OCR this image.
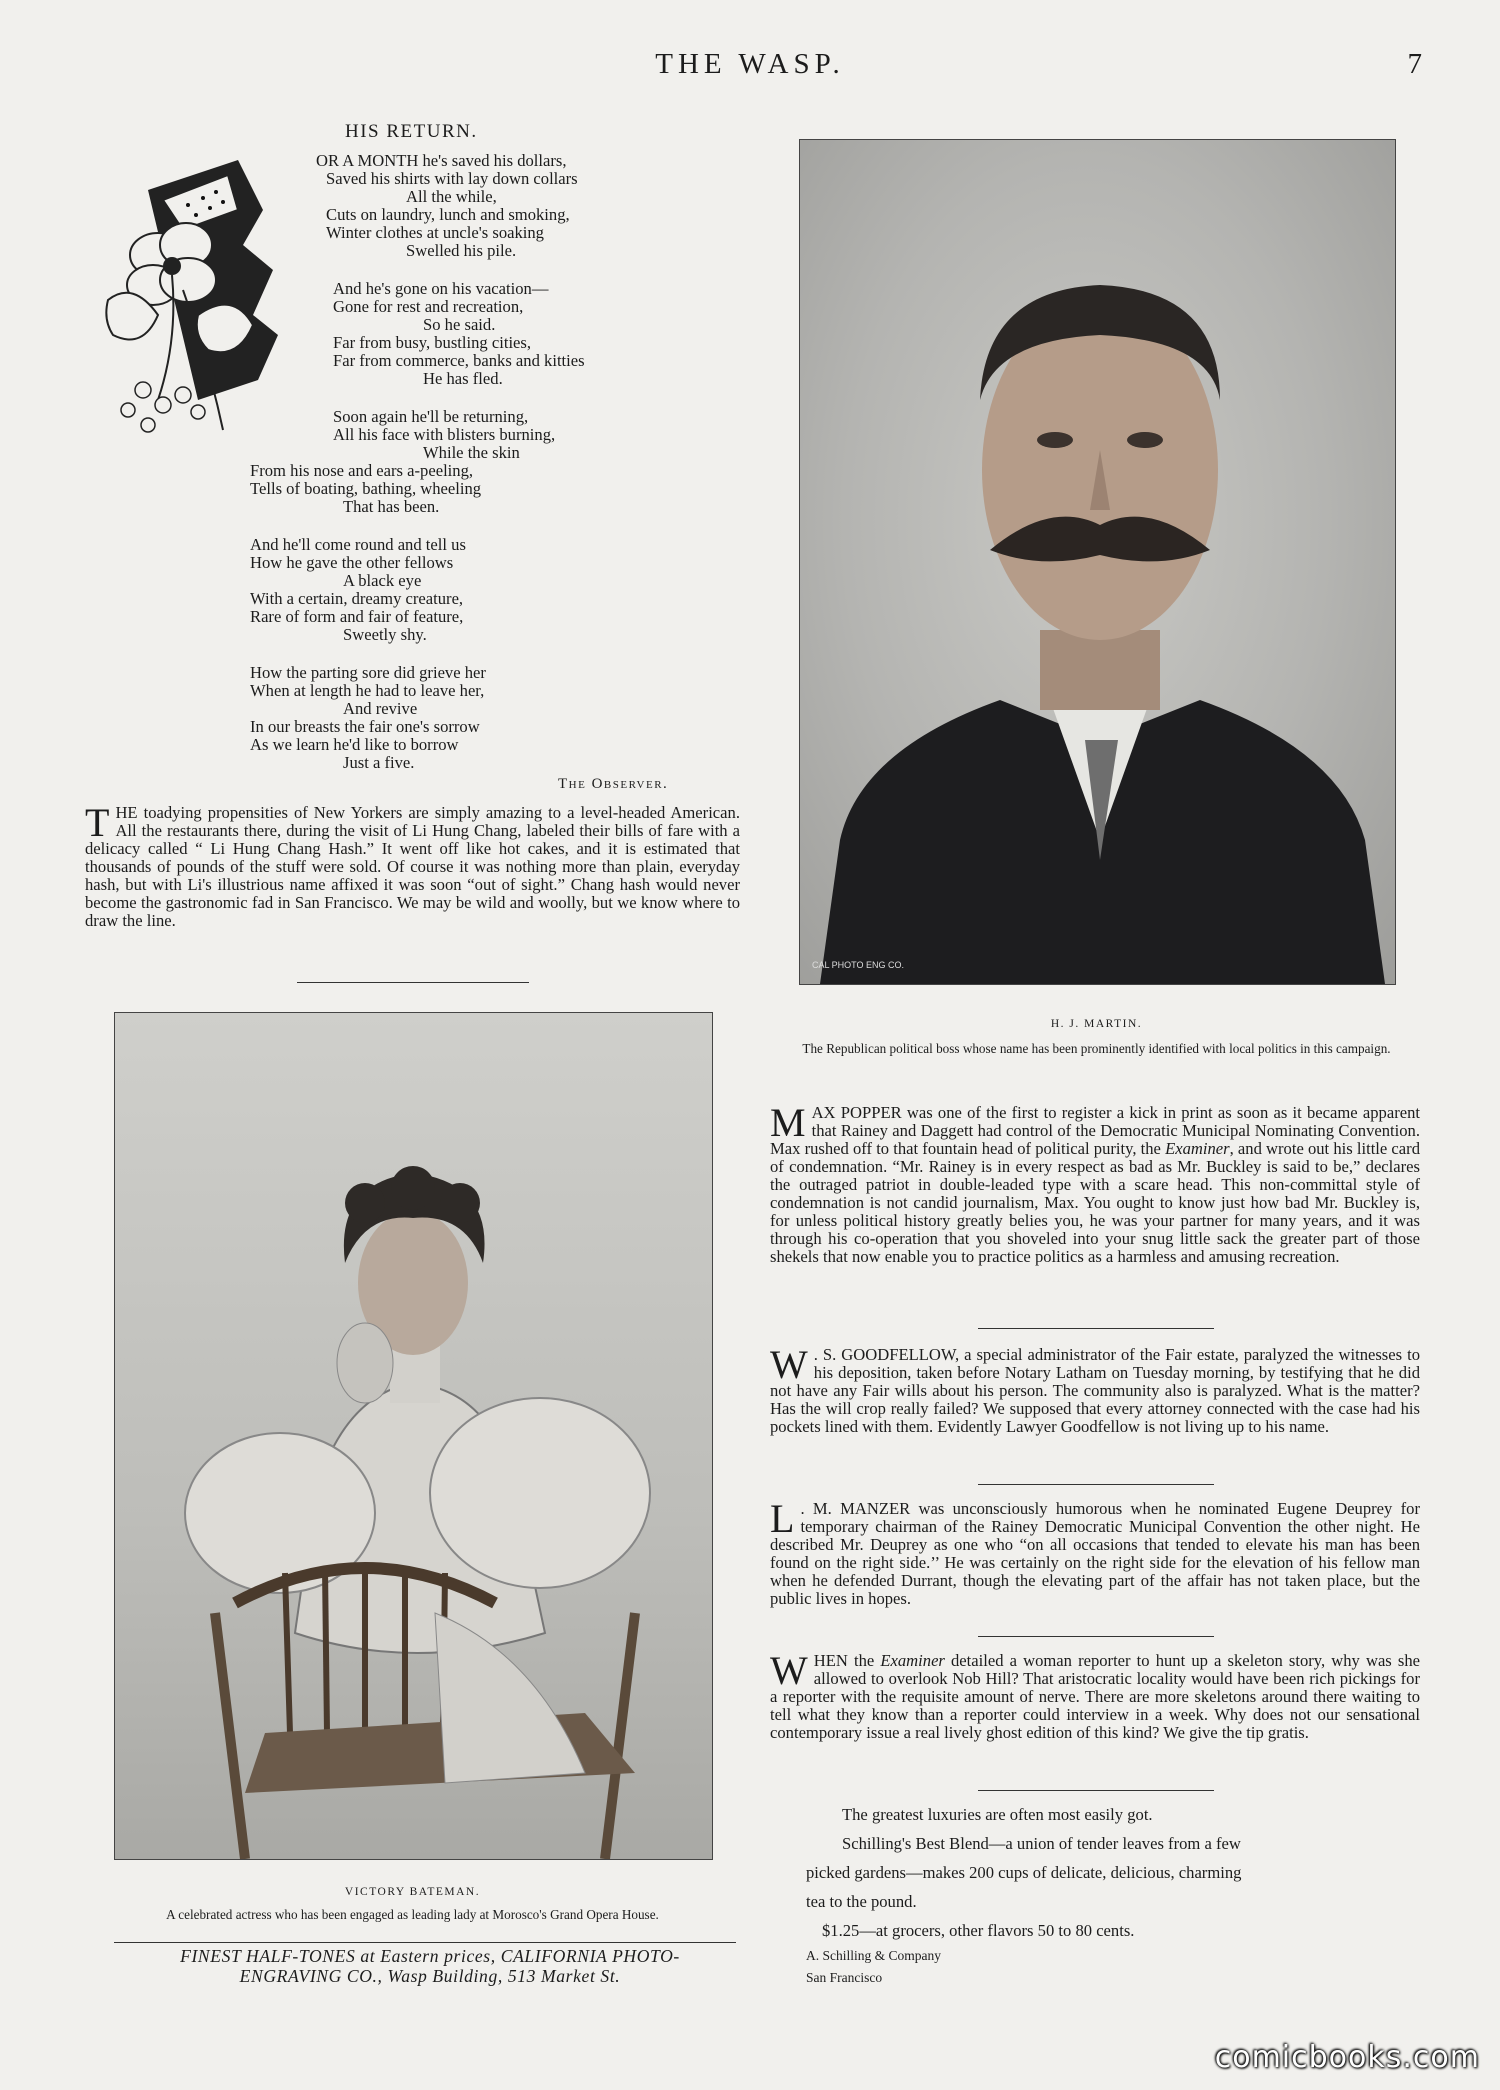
THE WASP.	7
HIS RETURN.
OR A MONTH he's saved his dollars,
Saved his shirts with lay down collars
All the while,
Cuts on laundry, lunch and smoking,
Winter clothes at uncle's soaking
Swelled his pile.
And he's gone on his vacation—
Gone for rest and recreation,
So he said.
Far from busy, bustling cities,
Far from commerce, banks and kitties
He has fled.
Soon again he'll be returning,
All his face with blisters burning,
While the skin
From his nose and ears a-peeling,
Tells of boating, bathing, wheeling
That has been.
And he'll come round and tell us
How he gave the other fellows
A black eye
With a certain, dreamy creature,
Rare of form and fair of feature,
Sweetly shy.
How the parting sore did grieve her
When at length he had to leave her,
And revive
In our breasts the fair one's sorrow
As we learn he'd like to borrow
Just a five.
The Observer.
THE toadying propensities of New Yorkers are simply amazing to a level-headed American. All the restaurants there, during the visit of Li Hung Chang, labeled their bills of fare with a delicacy called “ Li Hung Chang Hash.” It went off like hot cakes, and it is estimated that thousands of pounds of the stuff were sold. Of course it was nothing more than plain, everyday hash, but with Li's illustrious name affixed it was soon “out of sight.” Chang hash would never become the gastronomic fad in San Francisco. We may be wild and woolly, but we know where to draw the line.
CAL PHOTO ENG CO.
H. J. MARTIN.
The Republican political boss whose name has been prominently identified with local politics in this campaign.
VICTORY BATEMAN.
A celebrated actress who has been engaged as leading lady at Morosco's Grand Opera House.
FINEST HALF-TONES at Eastern prices, CALIFORNIA PHOTO-
ENGRAVING CO., Wasp Building, 513 Market St.
MAX POPPER was one of the first to register a kick in print as soon as it became apparent that Rainey and Daggett had control of the Democratic Municipal Nominating Convention. Max rushed off to that fountain head of political purity, the Examiner, and wrote out his little card of condemnation. “Mr. Rainey is in every respect as bad as Mr. Buckley is said to be,” declares the outraged patriot in double-leaded type with a scare head. This non-committal style of condemnation is not candid journalism, Max. You ought to know just how bad Mr. Buckley is, for unless political history greatly belies you, he was your partner for many years, and it was through his co-operation that you shoveled into your snug little sack the greater part of those shekels that now enable you to practice politics as a harmless and amusing recreation.
W . S. GOODFELLOW, a special administrator of the Fair estate, paralyzed the witnesses to his deposition, taken before Notary Latham on Tuesday morning, by testifying that he did not have any Fair wills about his person. The community also is paralyzed. What is the matter? Has the will crop really failed? We supposed that every attorney connected with the case had his pockets lined with them. Evidently Lawyer Goodfellow is not living up to his name.
L . M. MANZER was unconsciously humorous when he nominated Eugene Deuprey for temporary chairman of the Rainey Democratic Municipal Convention the other night. He described Mr. Deuprey as one who “on all occasions that tended to elevate his man has been found on the right side.’’ He was certainly on the right side for the elevation of his fellow man when he defended Durrant, though the elevating part of the affair has not taken place, but the public lives in hopes.
WHEN the Examiner detailed a woman reporter to hunt up a skeleton story, why was she allowed to overlook Nob Hill? That aristocratic locality would have been rich pickings for a reporter with the requisite amount of nerve. There are more skeletons around there waiting to tell what they know than a reporter could interview in a week. Why does not our sensational contemporary issue a real lively ghost edition of this kind? We give the tip gratis.
The greatest luxuries are often most easily got.
Schilling's Best Blend—a union of tender leaves from a few
picked gardens—makes 200 cups of delicate, delicious, charming
tea to the pound.
$1.25—at grocers, other flavors 50 to 80 cents.
A. Schilling & Company
San Francisco
comicbooks.com
